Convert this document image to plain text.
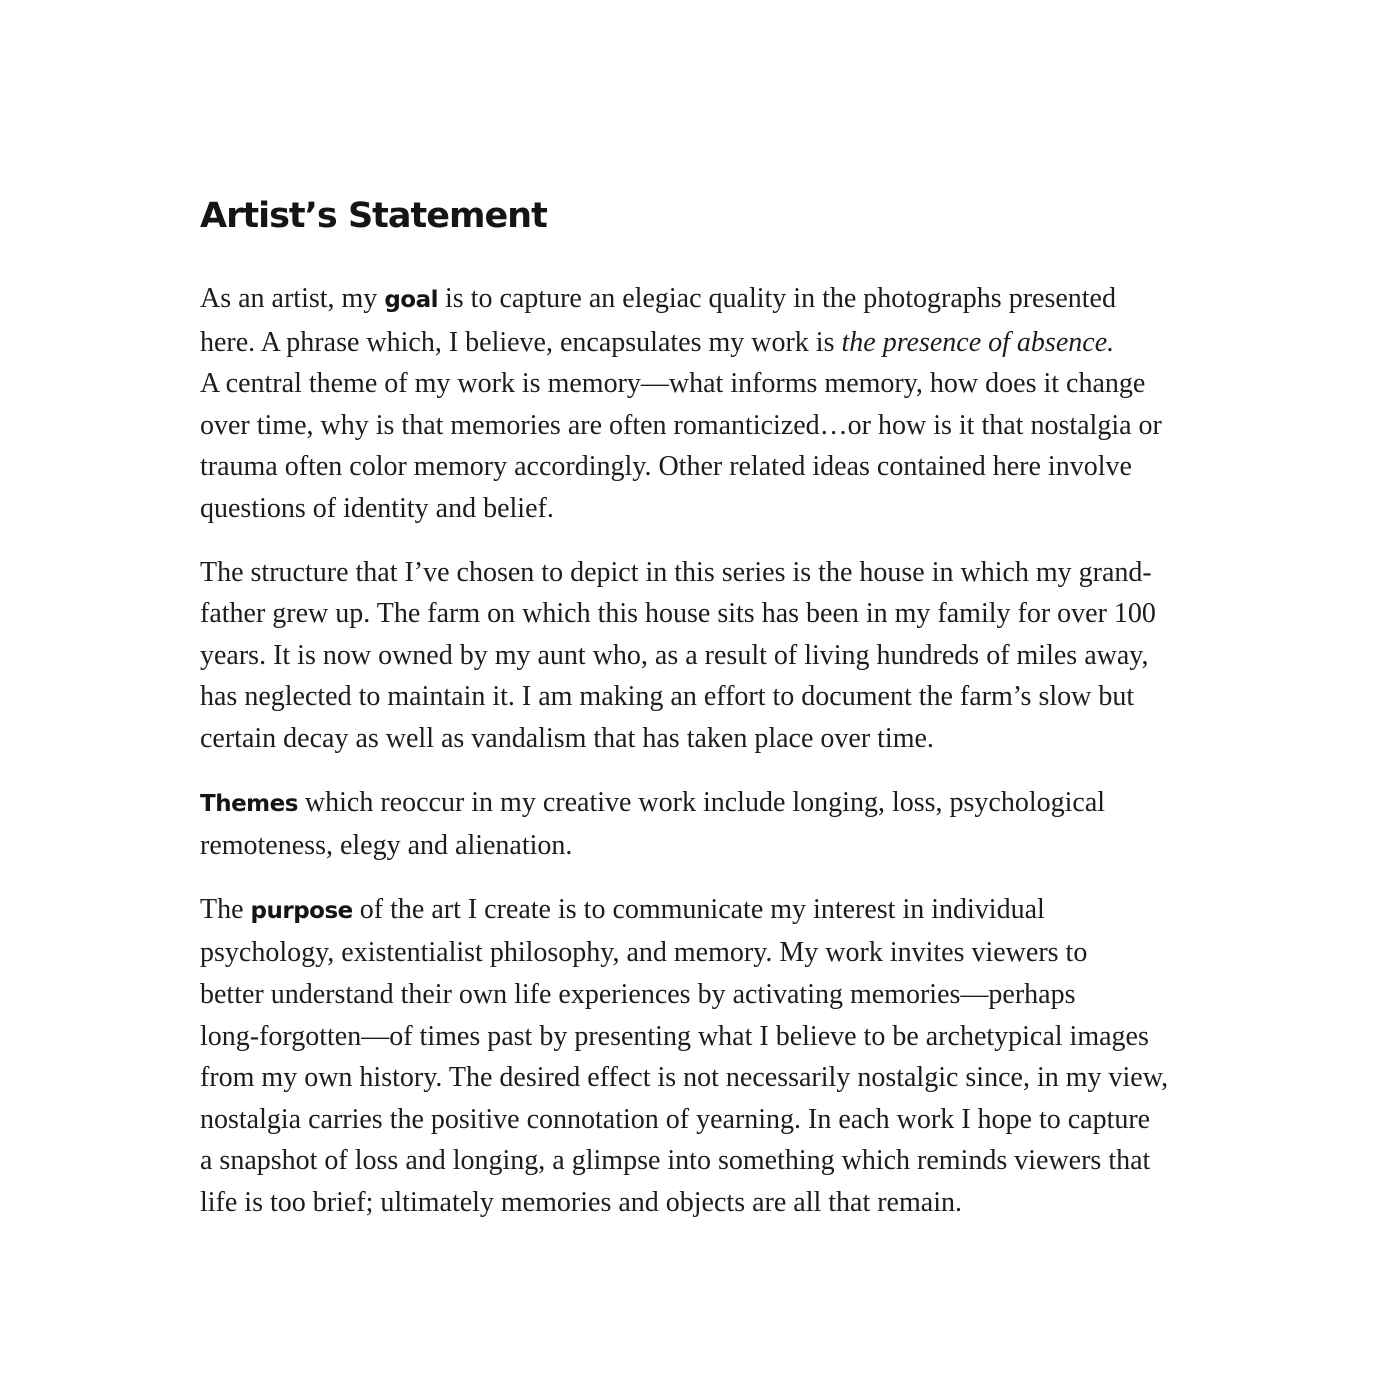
Artist’s Statement
As an artist, my goal is to capture an elegiac quality in the photographs presented
here. A phrase which, I believe, encapsulates my work is the presence of absence.
A central theme of my work is memory—what informs memory, how does it change
over time, why is that memories are often romanticized…or how is it that nostalgia or
trauma often color memory accordingly. Other related ideas contained here involve
questions of identity and belief.
The structure that I’ve chosen to depict in this series is the house in which my grand-
father grew up. The farm on which this house sits has been in my family for over 100
years. It is now owned by my aunt who, as a result of living hundreds of miles away,
has neglected to maintain it. I am making an effort to document the farm’s slow but
certain decay as well as vandalism that has taken place over time.
Themes which reoccur in my creative work include longing, loss, psychological
remoteness, elegy and alienation.
The purpose of the art I create is to communicate my interest in individual
psychology, existentialist philosophy, and memory. My work invites viewers to
better understand their own life experiences by activating memories—perhaps
long-forgotten—of times past by presenting what I believe to be archetypical images
from my own history. The desired effect is not necessarily nostalgic since, in my view,
nostalgia carries the positive connotation of yearning. In each work I hope to capture
a snapshot of loss and longing, a glimpse into something which reminds viewers that
life is too brief; ultimately memories and objects are all that remain.
